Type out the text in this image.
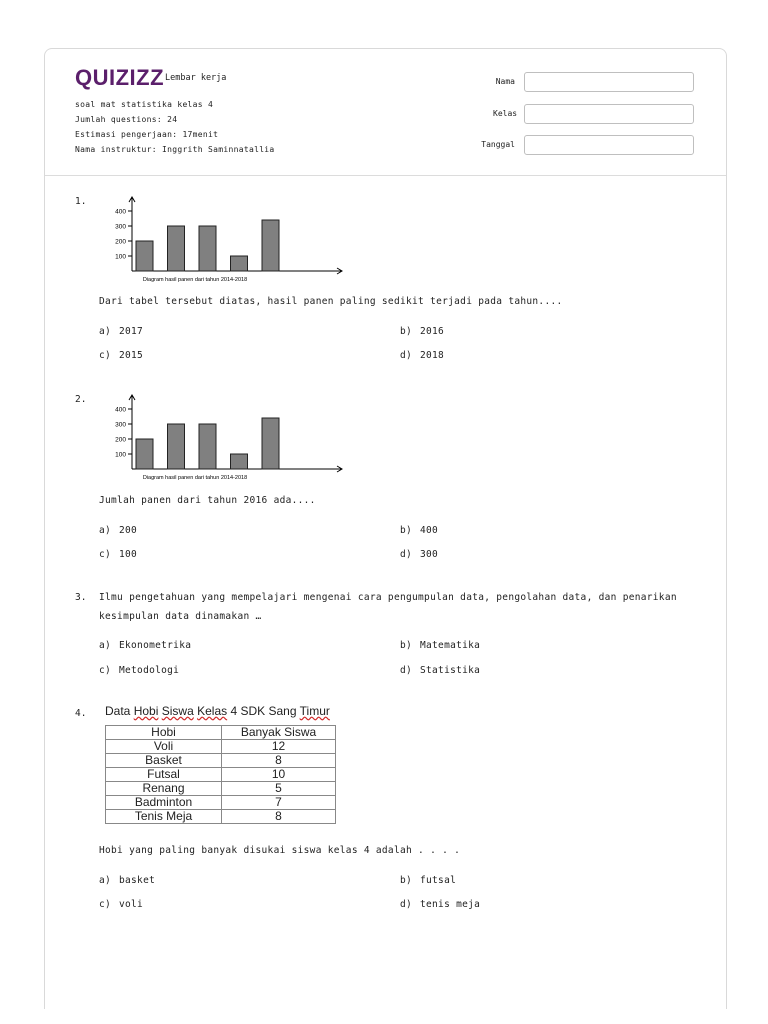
QUIZIZZ Lembar kerja
soal mat statistika kelas 4
Jumlah questions: 24
Estimasi pengerjaan: 17menit
Nama instruktur: Inggrith Saminnatallia
Nama
Kelas
Tanggal
1.
100
200
300
400
Diagram hasil panen dari tahun 2014-2018
Dari tabel tersebut diatas, hasil panen paling sedikit terjadi pada tahun....
a) 2017	b) 2016
c) 2015	d) 2018
2.
100
200
300
400
Diagram hasil panen dari tahun 2014-2018
Jumlah panen dari tahun 2016 ada....
a) 200	b) 400
c) 100	d) 300
3. Ilmu pengetahuan yang mempelajari mengenai cara pengumpulan data, pengolahan data, dan penarikan
kesimpulan data dinamakan …
a) Ekonometrika	b) Matematika
c) Metodologi	d) Statistika
4. Data Hobi Siswa Kelas 4 SDK Sang Timur
Hobi	Banyak Siswa
Voli	12
Basket	8
Futsal	10
Renang	5
Badminton	7
Tenis Meja	8
Hobi yang paling banyak disukai siswa kelas 4 adalah . . . .
a) basket	b) futsal
c) voli	d) tenis meja
